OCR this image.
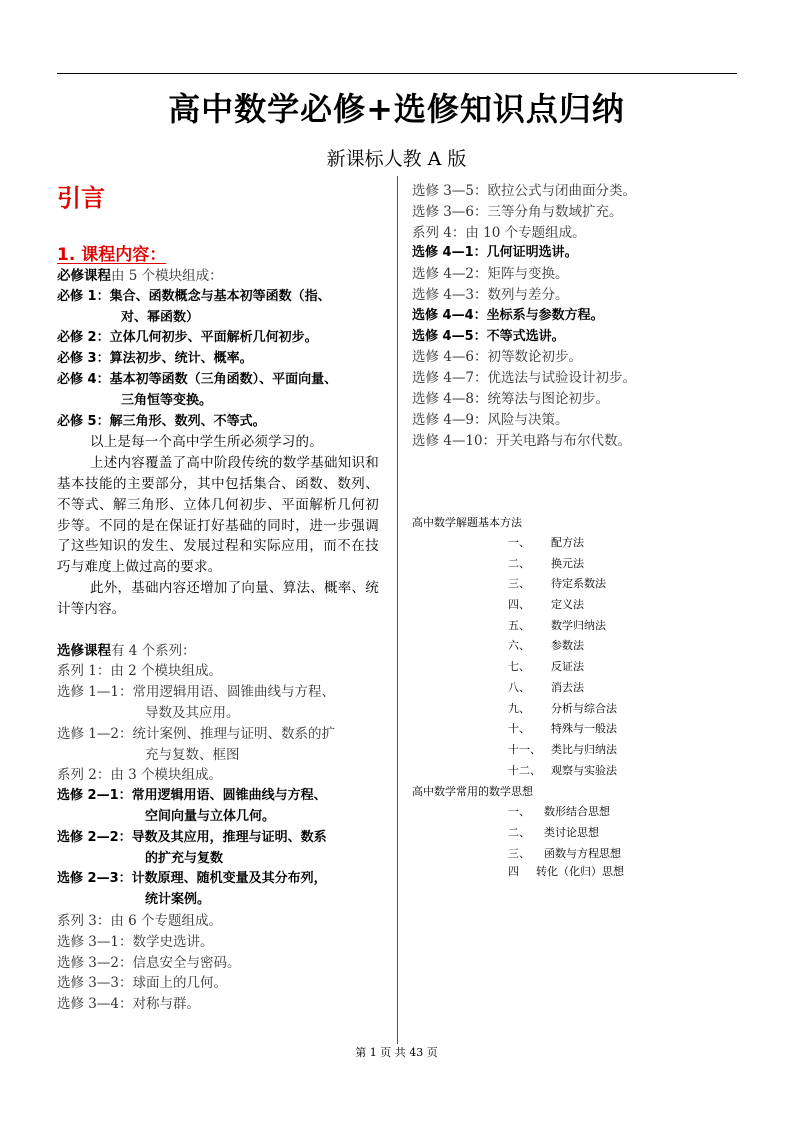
高中数学必修+选修知识点归纳
新课标人教 A 版
引言
1. 课程内容：
必修课程由 5 个模块组成：
必修 1：集合、函数概念与基本初等函数（指、
对、幂函数）
必修 2：立体几何初步、平面解析几何初步。
必修 3：算法初步、统计、概率。
必修 4：基本初等函数（三角函数）、平面向量、
三角恒等变换。
必修 5：解三角形、数列、不等式。
以上是每一个高中学生所必须学习的。
上述内容覆盖了高中阶段传统的数学基础知识和基本技能的主要部分，其中包括集合、函数、数列、不等式、解三角形、立体几何初步、平面解析几何初步等。不同的是在保证打好基础的同时，进一步强调了这些知识的发生、发展过程和实际应用，而不在技巧与难度上做过高的要求。
此外，基础内容还增加了向量、算法、概率、统计等内容。
选修课程有 4 个系列：
系列 1：由 2 个模块组成。
选修 1—1：常用逻辑用语、圆锥曲线与方程、
导数及其应用。
选修 1—2：统计案例、推理与证明、数系的扩
充与复数、框图
系列 2：由 3 个模块组成。
选修 2—1：常用逻辑用语、圆锥曲线与方程、
空间向量与立体几何。
选修 2—2：导数及其应用，推理与证明、数系
的扩充与复数
选修 2—3：计数原理、随机变量及其分布列，
统计案例。
系列 3：由 6 个专题组成。
选修 3—1：数学史选讲。
选修 3—2：信息安全与密码。
选修 3—3：球面上的几何。
选修 3—4：对称与群。
选修 3—5：欧拉公式与闭曲面分类。
选修 3—6：三等分角与数域扩充。
系列 4：由 10 个专题组成。
选修 4—1：几何证明选讲。
选修 4—2：矩阵与变换。
选修 4—3：数列与差分。
选修 4—4：坐标系与参数方程。
选修 4—5：不等式选讲。
选修 4—6：初等数论初步。
选修 4—7：优选法与试验设计初步。
选修 4—8：统筹法与图论初步。
选修 4—9：风险与决策。
选修 4—10：开关电路与布尔代数。
高中数学解题基本方法
一、 配方法
二、 换元法
三、 待定系数法
四、 定义法
五、 数学归纳法
六、 参数法
七、 反证法
八、 消去法
九、 分析与综合法
十、 特殊与一般法
十一、 类比与归纳法
十二、 观察与实验法
高中数学常用的数学思想
一、 数形结合思想
二、 类讨论思想
三、 函数与方程思想
四 转化（化归）思想
第 1 页 共 43 页
